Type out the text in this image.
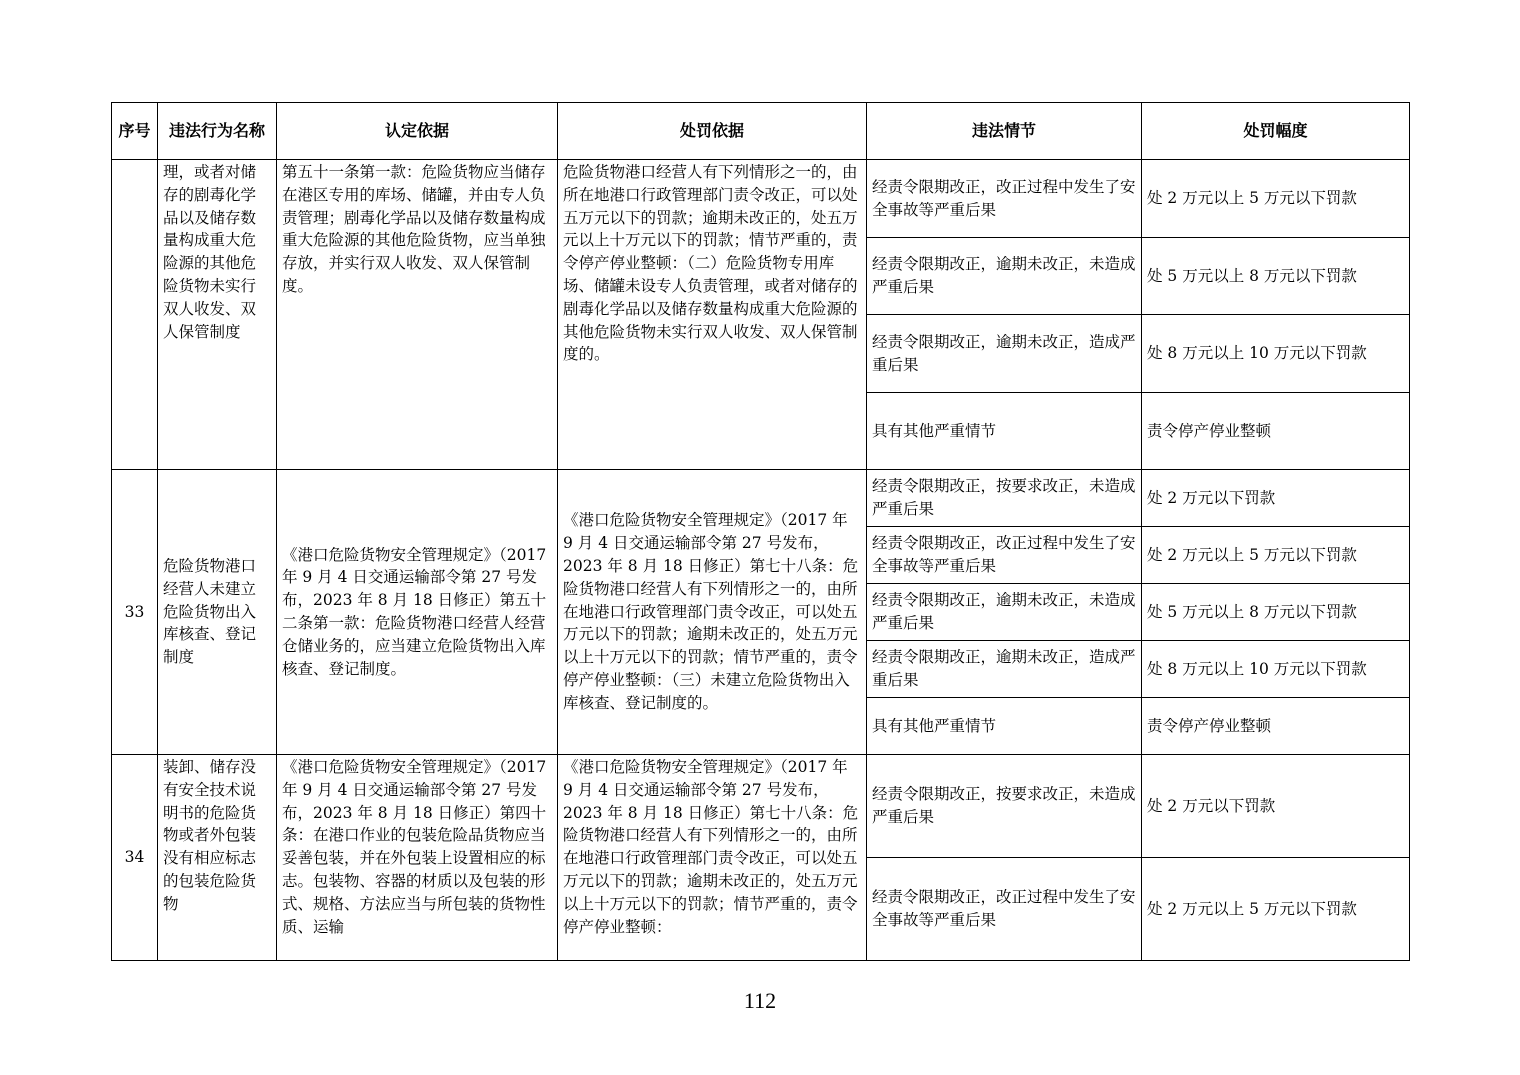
序号	违法行为名称	认定依据	处罚依据	违法情节	处罚幅度
	理，或者对储存的剧毒化学品以及储存数量构成重大危险源的其他危险货物未实行双人收发、双人保管制度	第五十一条第一款：危险货物应当储存在港区专用的库场、储罐，并由专人负责管理；剧毒化学品以及储存数量构成重大危险源的其他危险货物，应当单独存放，并实行双人收发、双人保管制度。	危险货物港口经营人有下列情形之一的，由所在地港口行政管理部门责令改正，可以处五万元以下的罚款；逾期未改正的，处五万元以上十万元以下的罚款；情节严重的，责令停产停业整顿：（二）危险货物专用库场、储罐未设专人负责管理，或者对储存的剧毒化学品以及储存数量构成重大危险源的其他危险货物未实行双人收发、双人保管制度的。	经责令限期改正，改正过程中发生了安全事故等严重后果	处 2 万元以上 5 万元以下罚款
				经责令限期改正，逾期未改正，未造成严重后果	处 5 万元以上 8 万元以下罚款
				经责令限期改正，逾期未改正，造成严重后果	处 8 万元以上 10 万元以下罚款
				具有其他严重情节	责令停产停业整顿
33	危险货物港口经营人未建立危险货物出入库核查、登记制度	《港口危险货物安全管理规定》（2017 年 9 月 4 日交通运输部令第 27 号发布，2023 年 8 月 18 日修正）第五十二条第一款：危险货物港口经营人经营仓储业务的，应当建立危险货物出入库核查、登记制度。	《港口危险货物安全管理规定》（2017 年 9 月 4 日交通运输部令第 27 号发布，2023 年 8 月 18 日修正）第七十八条：危险货物港口经营人有下列情形之一的，由所在地港口行政管理部门责令改正，可以处五万元以下的罚款；逾期未改正的，处五万元以上十万元以下的罚款；情节严重的，责令停产停业整顿：（三）未建立危险货物出入库核查、登记制度的。	经责令限期改正，按要求改正，未造成严重后果	处 2 万元以下罚款
				经责令限期改正，改正过程中发生了安全事故等严重后果	处 2 万元以上 5 万元以下罚款
				经责令限期改正，逾期未改正，未造成严重后果	处 5 万元以上 8 万元以下罚款
				经责令限期改正，逾期未改正，造成严重后果	处 8 万元以上 10 万元以下罚款
				具有其他严重情节	责令停产停业整顿
34	装卸、储存没有安全技术说明书的危险货物或者外包装没有相应标志的包装危险货物	《港口危险货物安全管理规定》（2017 年 9 月 4 日交通运输部令第 27 号发布，2023 年 8 月 18 日修正）第四十条：在港口作业的包装危险品货物应当妥善包装，并在外包装上设置相应的标志。包装物、容器的材质以及包装的形式、规格、方法应当与所包装的货物性质、运输	《港口危险货物安全管理规定》（2017 年 9 月 4 日交通运输部令第 27 号发布，2023 年 8 月 18 日修正）第七十八条：危险货物港口经营人有下列情形之一的，由所在地港口行政管理部门责令改正，可以处五万元以下的罚款；逾期未改正的，处五万元以上十万元以下的罚款；情节严重的，责令停产停业整顿：	经责令限期改正，按要求改正，未造成严重后果	处 2 万元以下罚款
				经责令限期改正，改正过程中发生了安全事故等严重后果	处 2 万元以上 5 万元以下罚款
112
